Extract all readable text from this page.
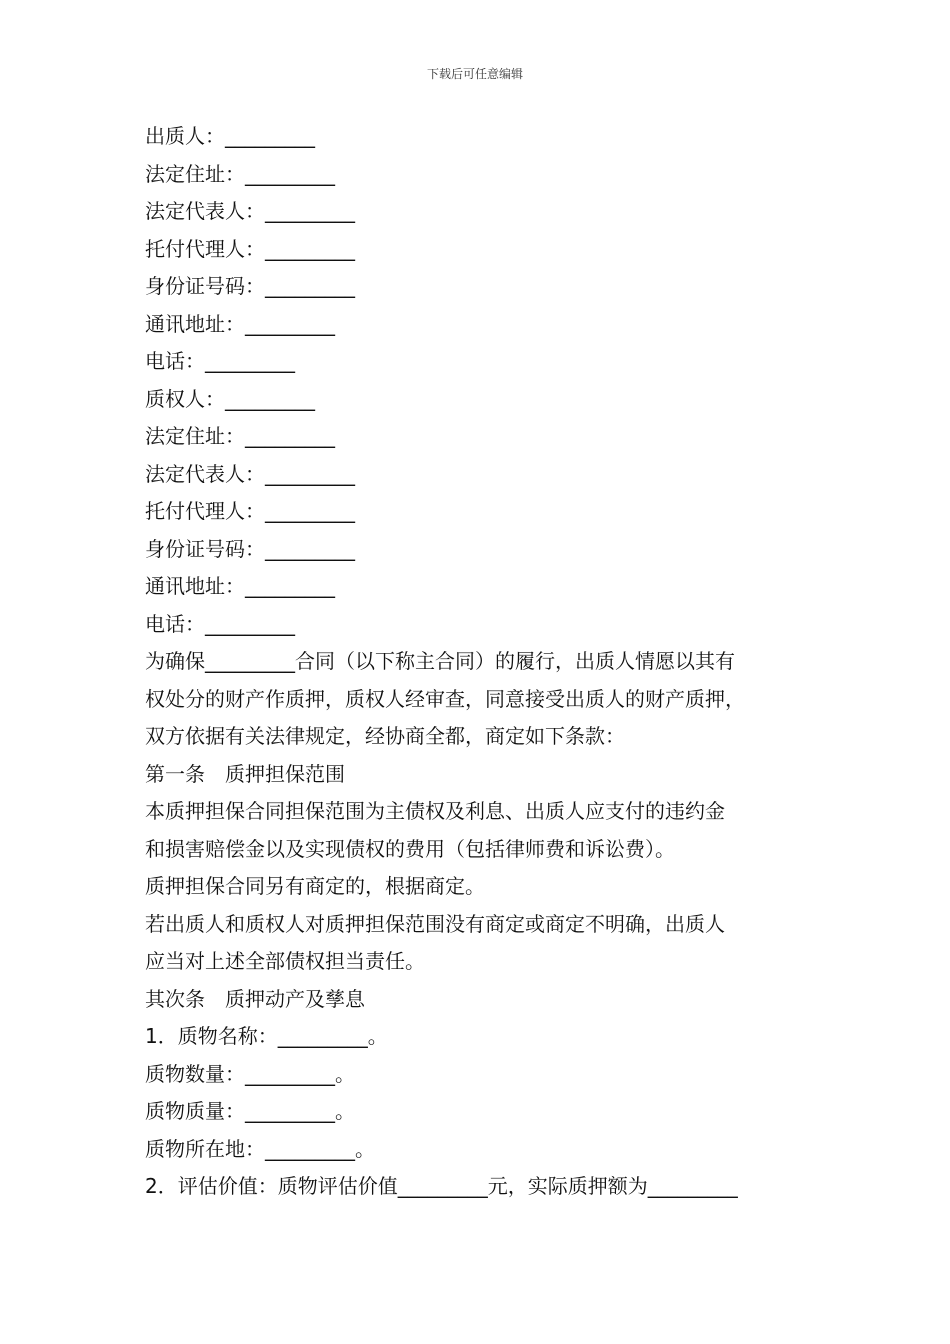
下载后可任意编辑
出质人：_________
法定住址：_________
法定代表人：_________
托付代理人：_________
身份证号码：_________
通讯地址：_________
电话：_________
质权人：_________
法定住址：_________
法定代表人：_________
托付代理人：_________
身份证号码：_________
通讯地址：_________
电话：_________
为确保_________合同（以下称主合同）的履行，出质人情愿以其有
权处分的财产作质押，质权人经审查，同意接受出质人的财产质押，
双方依据有关法律规定，经协商全都，商定如下条款：
第一条　质押担保范围
本质押担保合同担保范围为主债权及利息、出质人应支付的违约金
和损害赔偿金以及实现债权的费用（包括律师费和诉讼费）。
质押担保合同另有商定的，根据商定。
若出质人和质权人对质押担保范围没有商定或商定不明确，出质人
应当对上述全部债权担当责任。
其次条　质押动产及孳息
1．质物名称：_________。
质物数量：_________。
质物质量：_________。
质物所在地：_________。
2．评估价值：质物评估价值_________元，实际质押额为_________
